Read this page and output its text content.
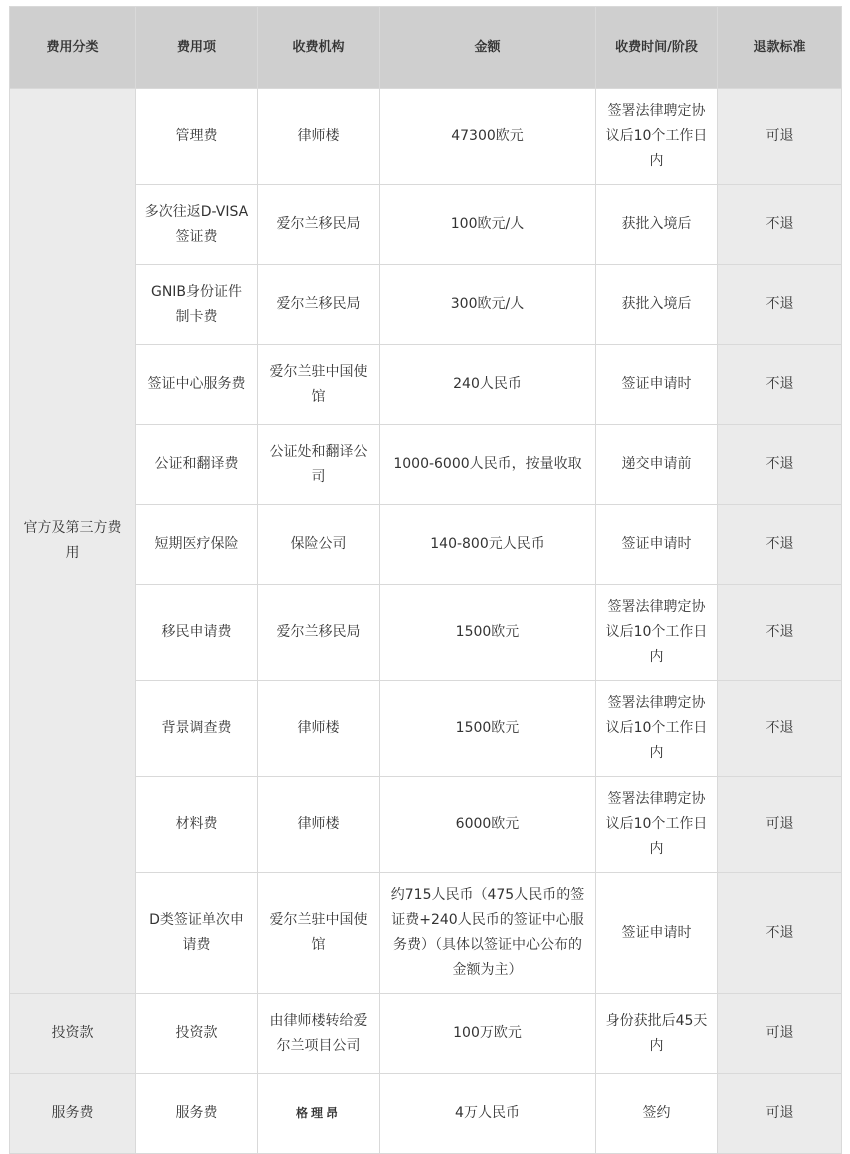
费用分类	费用项	收费机构	金额	收费时间/阶段	退款标准
官方及第三方费用	管理费	律师楼	47300欧元	签署法律聘定协议后10个工作日内	可退
	多次往返D-VISA签证费	爱尔兰移民局	100欧元/人	获批入境后	不退
	GNIB身份证件制卡费	爱尔兰移民局	300欧元/人	获批入境后	不退
	签证中心服务费	爱尔兰驻中国使馆	240人民币	签证申请时	不退
	公证和翻译费	公证处和翻译公司	1000-6000人民币，按量收取	递交申请前	不退
	短期医疗保险	保险公司	140-800元人民币	签证申请时	不退
	移民申请费	爱尔兰移民局	1500欧元	签署法律聘定协议后10个工作日内	不退
	背景调查费	律师楼	1500欧元	签署法律聘定协议后10个工作日内	不退
	材料费	律师楼	6000欧元	签署法律聘定协议后10个工作日内	可退
	D类签证单次申请费	爱尔兰驻中国使馆	约715人民币（475人民币的签证费+240人民币的签证中心服务费）（具体以签证中心公布的金额为主）	签证申请时	不退
投资款	投资款	由律师楼转给爱尔兰项目公司	100万欧元	身份获批后45天内	可退
服务费	服务费	格理昂	4万人民币	签约	可退
